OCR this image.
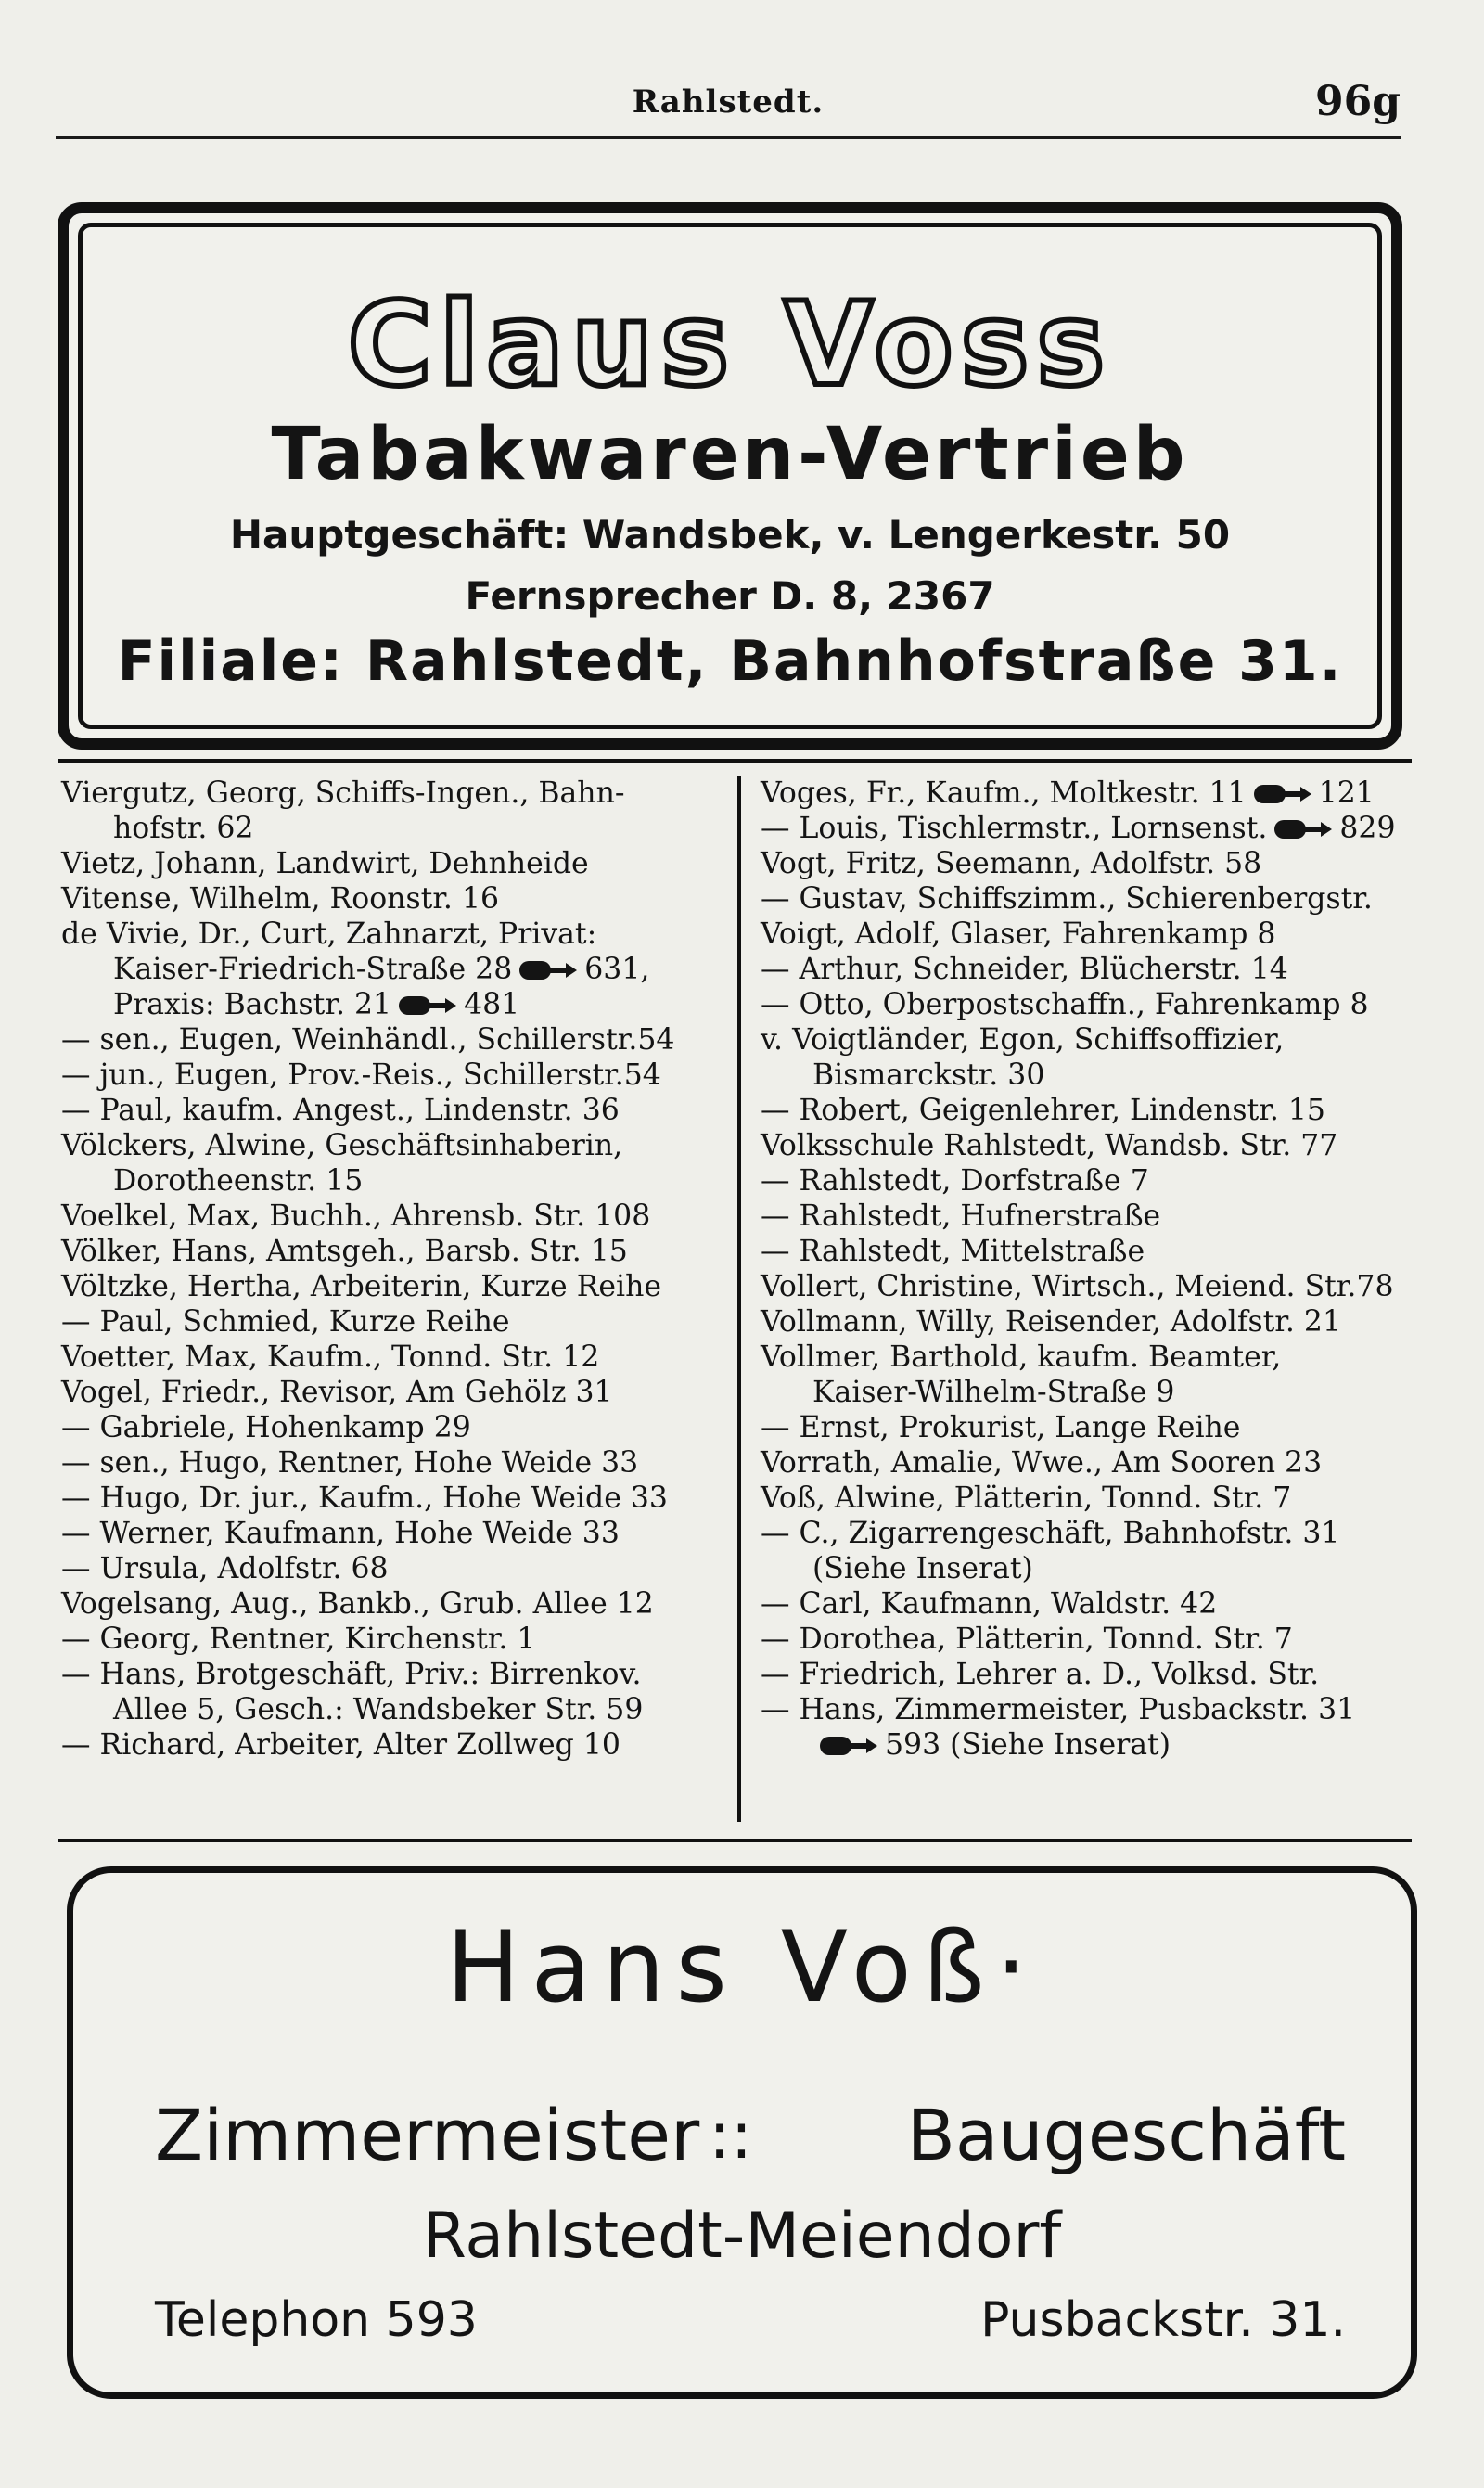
Rahlstedt.	96g
Claus Voss
Tabakwaren-Vertrieb
Hauptgeschäft: Wandsbek, v. Lengerkestr. 50
Fernsprecher D. 8, 2367
Filiale: Rahlstedt, Bahnhofstraße 31.
Viergutz, Georg, Schiffs-Ingen., Bahn-
hofstr. 62
Vietz, Johann, Landwirt, Dehnheide
Vitense, Wilhelm, Roonstr. 16
de Vivie, Dr., Curt, Zahnarzt, Privat:
Kaiser-Friedrich-Straße 28 631,
Praxis: Bachstr. 21 481
— sen., Eugen, Weinhändl., Schillerstr.54
— jun., Eugen, Prov.-Reis., Schillerstr.54
— Paul, kaufm. Angest., Lindenstr. 36
Völckers, Alwine, Geschäftsinhaberin,
Dorotheenstr. 15
Voelkel, Max, Buchh., Ahrensb. Str. 108
Völker, Hans, Amtsgeh., Barsb. Str. 15
Völtzke, Hertha, Arbeiterin, Kurze Reihe
— Paul, Schmied, Kurze Reihe
Voetter, Max, Kaufm., Tonnd. Str. 12
Vogel, Friedr., Revisor, Am Gehölz 31
— Gabriele, Hohenkamp 29
— sen., Hugo, Rentner, Hohe Weide 33
— Hugo, Dr. jur., Kaufm., Hohe Weide 33
— Werner, Kaufmann, Hohe Weide 33
— Ursula, Adolfstr. 68
Vogelsang, Aug., Bankb., Grub. Allee 12
— Georg, Rentner, Kirchenstr. 1
— Hans, Brotgeschäft, Priv.: Birrenkov.
Allee 5, Gesch.: Wandsbeker Str. 59
— Richard, Arbeiter, Alter Zollweg 10
Voges, Fr., Kaufm., Moltkestr. 11 121
— Louis, Tischlermstr., Lornsenst. 829
Vogt, Fritz, Seemann, Adolfstr. 58
— Gustav, Schiffszimm., Schierenbergstr.
Voigt, Adolf, Glaser, Fahrenkamp 8
— Arthur, Schneider, Blücherstr. 14
— Otto, Oberpostschaffn., Fahrenkamp 8
v. Voigtländer, Egon, Schiffsoffizier,
Bismarckstr. 30
— Robert, Geigenlehrer, Lindenstr. 15
Volksschule Rahlstedt, Wandsb. Str. 77
— Rahlstedt, Dorfstraße 7
— Rahlstedt, Hufnerstraße
— Rahlstedt, Mittelstraße
Vollert, Christine, Wirtsch., Meiend. Str.78
Vollmann, Willy, Reisender, Adolfstr. 21
Vollmer, Barthold, kaufm. Beamter,
Kaiser-Wilhelm-Straße 9
— Ernst, Prokurist, Lange Reihe
Vorrath, Amalie, Wwe., Am Sooren 23
Voß, Alwine, Plätterin, Tonnd. Str. 7
— C., Zigarrengeschäft, Bahnhofstr. 31
(Siehe Inserat)
— Carl, Kaufmann, Waldstr. 42
— Dorothea, Plätterin, Tonnd. Str. 7
— Friedrich, Lehrer a. D., Volksd. Str.
— Hans, Zimmermeister, Pusbackstr. 31
593 (Siehe Inserat)
Hans Voß·
Zimmermeister :: Baugeschäft
Rahlstedt-Meiendorf
Telephon 593	Pusbackstr. 31.
